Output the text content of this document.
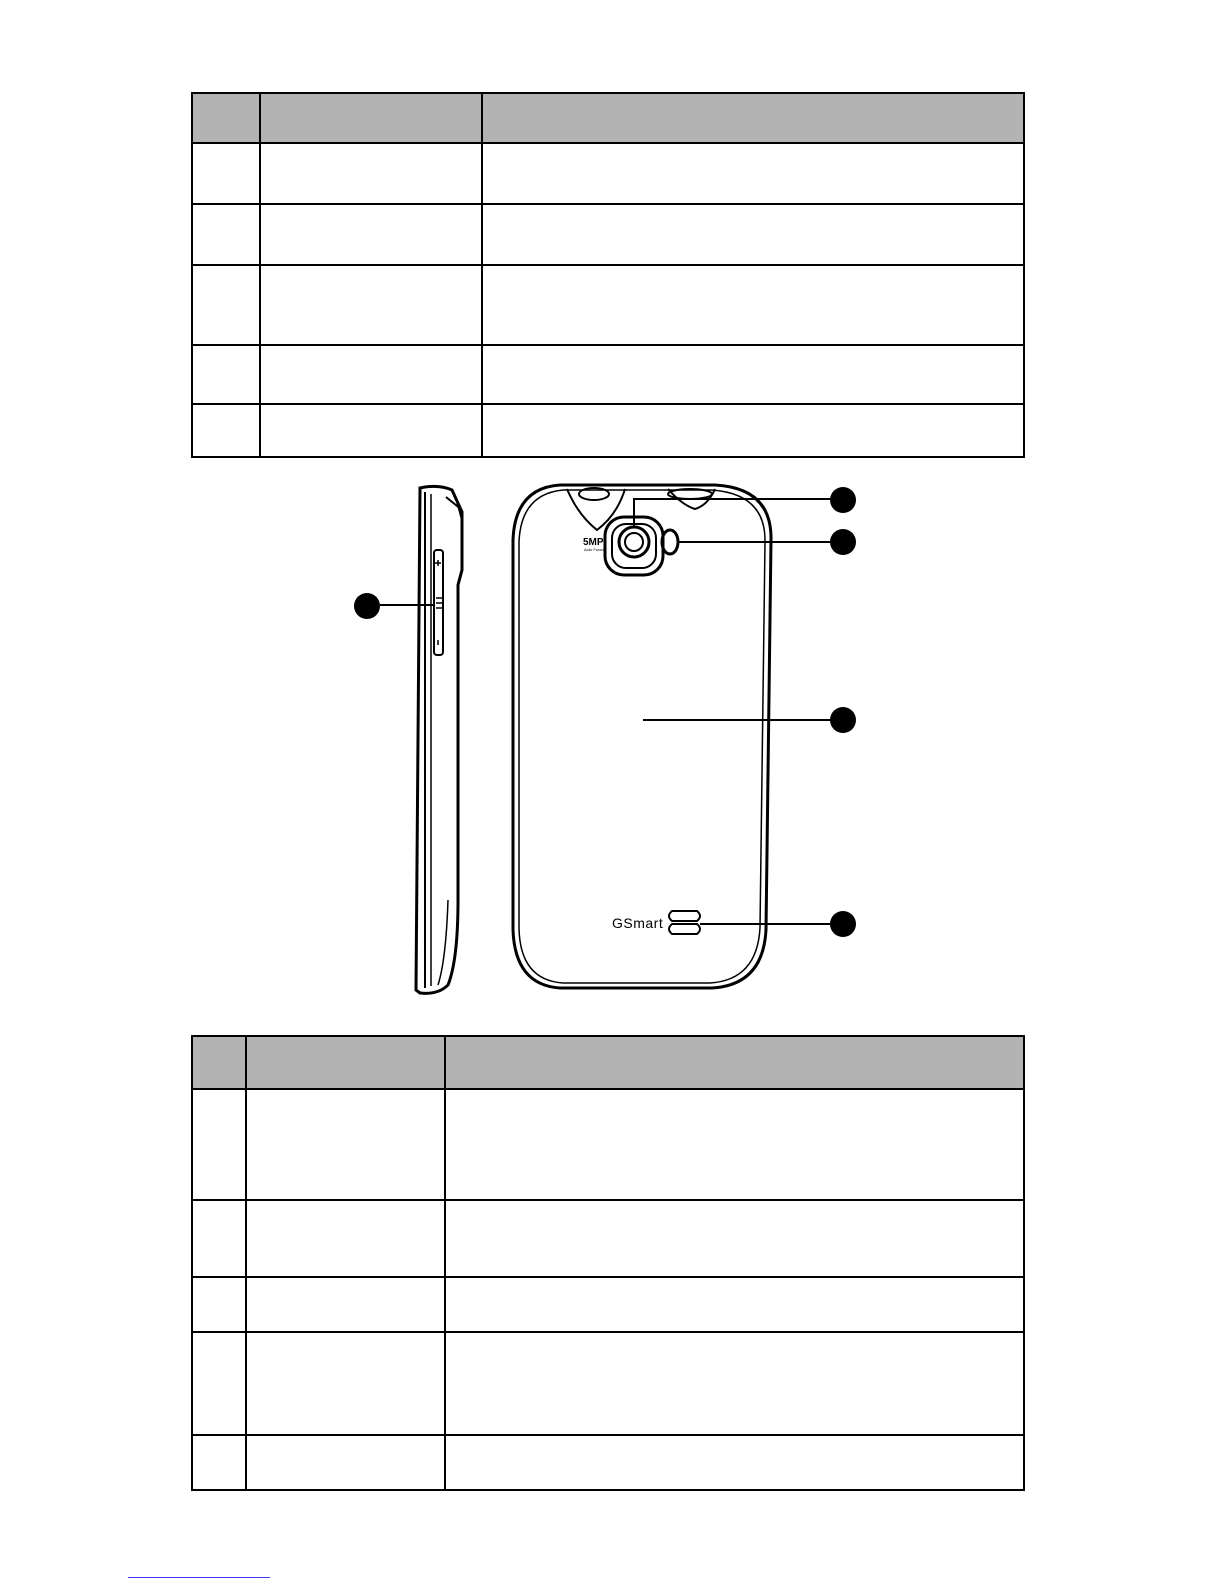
5MP
Auto Focus
GSmart
